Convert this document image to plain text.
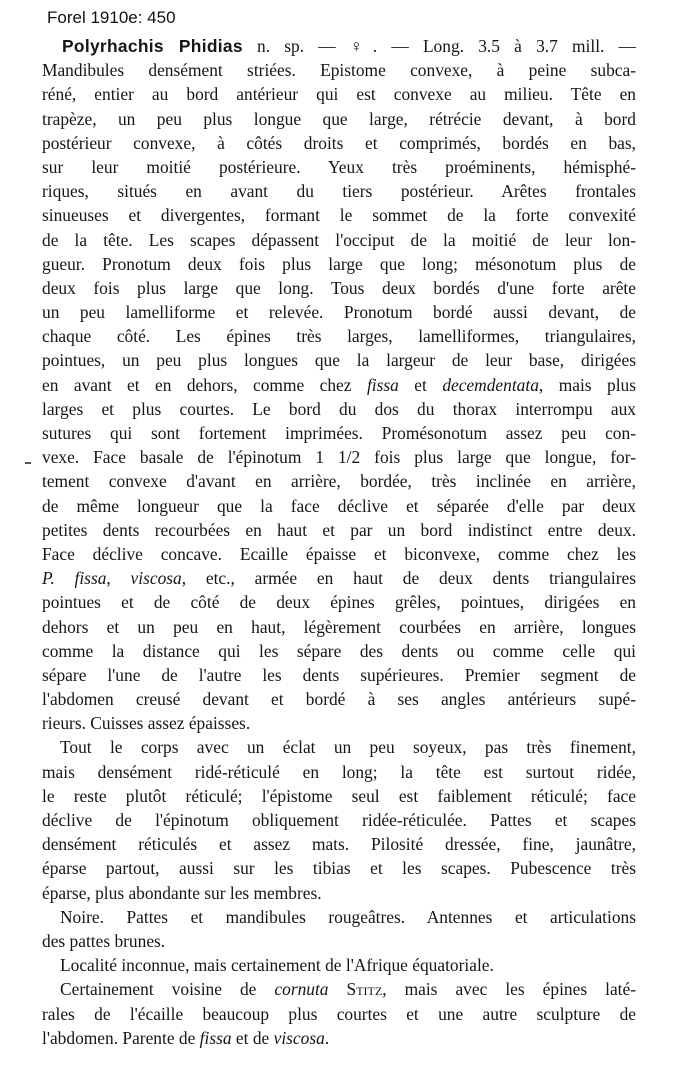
Forel 1910e: 450
Polyrhachis Phidias n. sp. — ♀. — Long. 3.5 à 3.7 mill. —
Mandibules densément striées. Epistome convexe, à peine subca-
réné, entier au bord antérieur qui est convexe au milieu. Tête en
trapèze, un peu plus longue que large, rétrécie devant, à bord
postérieur convexe, à côtés droits et comprimés, bordés en bas,
sur leur moitié postérieure. Yeux très proéminents, hémisphé-
riques, situés en avant du tiers postérieur. Arêtes frontales
sinueuses et divergentes, formant le sommet de la forte convexité
de la tête. Les scapes dépassent l'occiput de la moitié de leur lon-
gueur. Pronotum deux fois plus large que long; mésonotum plus de
deux fois plus large que long. Tous deux bordés d'une forte arête
un peu lamelliforme et relevée. Pronotum bordé aussi devant, de
chaque côté. Les épines très larges, lamelliformes, triangulaires,
pointues, un peu plus longues que la largeur de leur base, dirigées
en avant et en dehors, comme chez fissa et decemdentata, mais plus
larges et plus courtes. Le bord du dos du thorax interrompu aux
sutures qui sont fortement imprimées. Promésonotum assez peu con-
vexe. Face basale de l'épinotum 1 1/2 fois plus large que longue, for-
tement convexe d'avant en arrière, bordée, très inclinée en arrière,
de même longueur que la face déclive et séparée d'elle par deux
petites dents recourbées en haut et par un bord indistinct entre deux.
Face déclive concave. Ecaille épaisse et biconvexe, comme chez les
P. fissa, viscosa, etc., armée en haut de deux dents triangulaires
pointues et de côté de deux épines grêles, pointues, dirigées en
dehors et un peu en haut, légèrement courbées en arrière, longues
comme la distance qui les sépare des dents ou comme celle qui
sépare l'une de l'autre les dents supérieures. Premier segment de
l'abdomen creusé devant et bordé à ses angles antérieurs supé-
rieurs. Cuisses assez épaisses.
Tout le corps avec un éclat un peu soyeux, pas très finement,
mais densément ridé-réticulé en long; la tête est surtout ridée,
le reste plutôt réticulé; l'épistome seul est faiblement réticulé; face
déclive de l'épinotum obliquement ridée-réticulée. Pattes et scapes
densément réticulés et assez mats. Pilosité dressée, fine, jaunâtre,
éparse partout, aussi sur les tibias et les scapes. Pubescence très
éparse, plus abondante sur les membres.
Noire. Pattes et mandibules rougeâtres. Antennes et articulations
des pattes brunes.
Localité inconnue, mais certainement de l'Afrique équatoriale.
Certainement voisine de cornuta Stitz, mais avec les épines laté-
rales de l'écaille beaucoup plus courtes et une autre sculpture de
l'abdomen. Parente de fissa et de viscosa.
